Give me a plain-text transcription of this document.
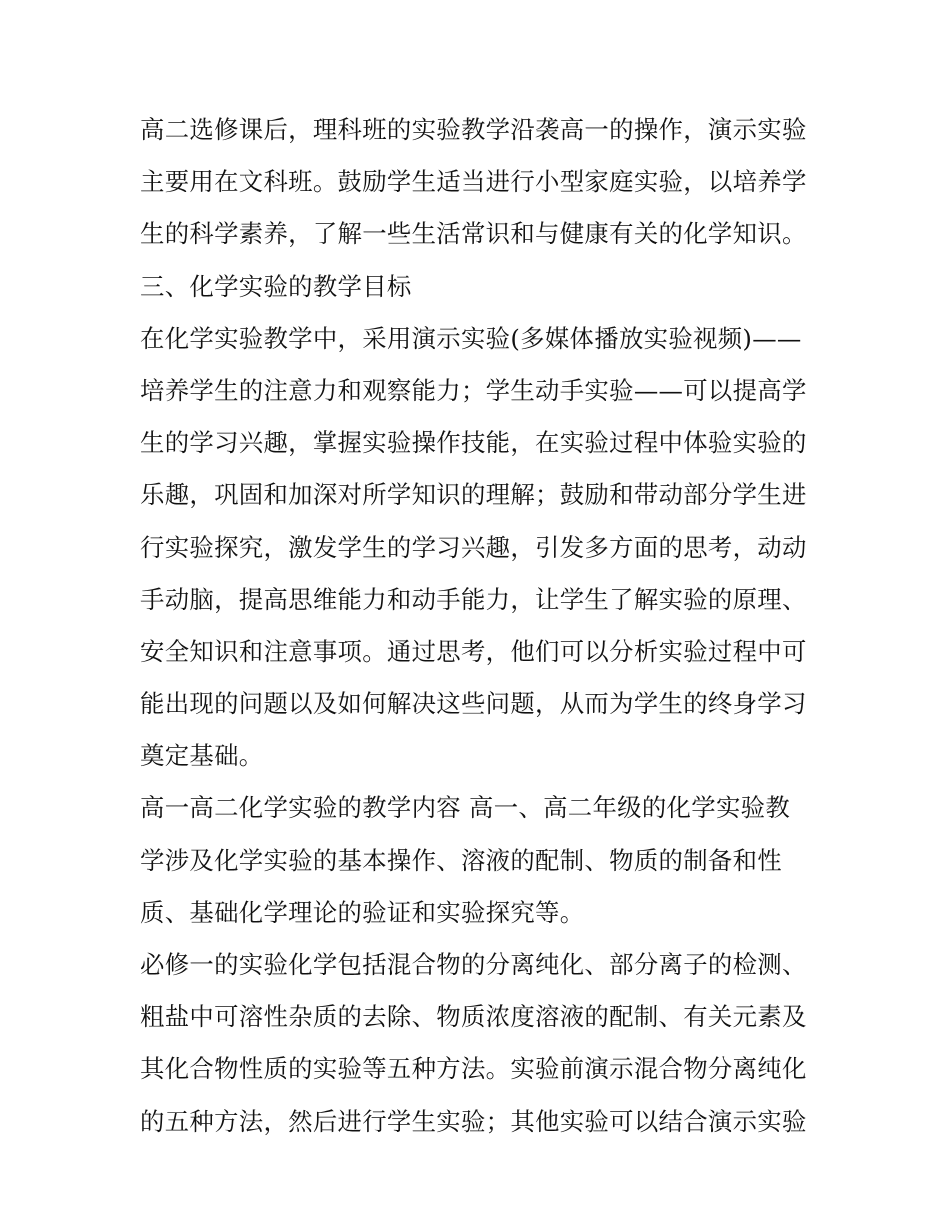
高二选修课后，理科班的实验教学沿袭高一的操作，演示实验
主要用在文科班。鼓励学生适当进行小型家庭实验，以培养学
生的科学素养，了解一些生活常识和与健康有关的化学知识。
三、化学实验的教学目标
在化学实验教学中，采用演示实验(多媒体播放实验视频)——
培养学生的注意力和观察能力；学生动手实验——可以提高学
生的学习兴趣，掌握实验操作技能，在实验过程中体验实验的
乐趣，巩固和加深对所学知识的理解；鼓励和带动部分学生进
行实验探究，激发学生的学习兴趣，引发多方面的思考，动动
手动脑，提高思维能力和动手能力，让学生了解实验的原理、
安全知识和注意事项。通过思考，他们可以分析实验过程中可
能出现的问题以及如何解决这些问题，从而为学生的终身学习
奠定基础。
高一高二化学实验的教学内容 高一、高二年级的化学实验教
学涉及化学实验的基本操作、溶液的配制、物质的制备和性
质、基础化学理论的验证和实验探究等。
必修一的实验化学包括混合物的分离纯化、部分离子的检测、
粗盐中可溶性杂质的去除、物质浓度溶液的配制、有关元素及
其化合物性质的实验等五种方法。实验前演示混合物分离纯化
的五种方法，然后进行学生实验；其他实验可以结合演示实验
